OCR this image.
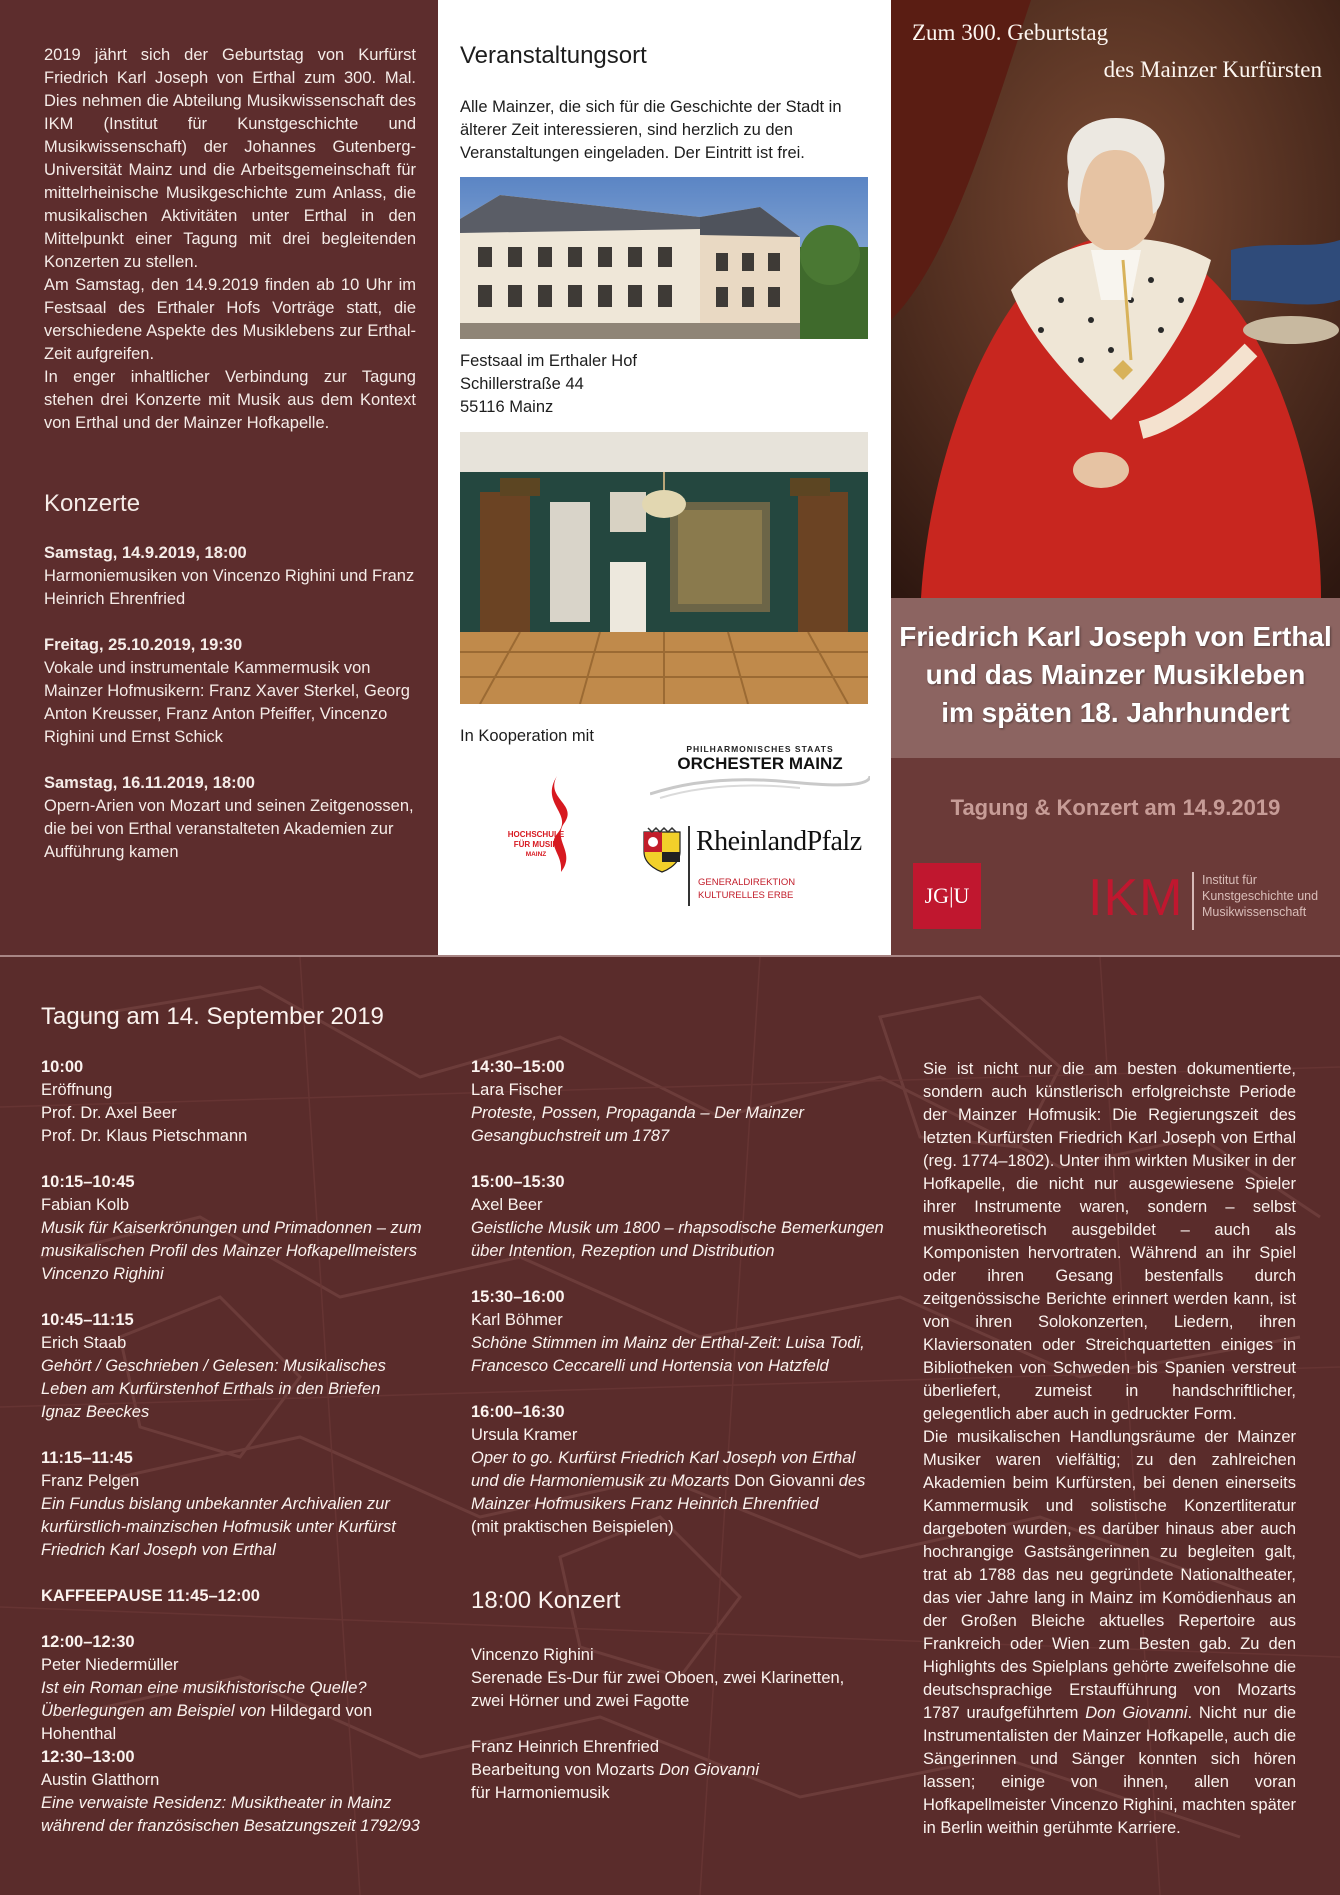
2019 jährt sich der Geburtstag von Kurfürst Friedrich Karl Joseph von Erthal zum 300. Mal. Dies nehmen die Abteilung Musikwissenschaft des IKM (Institut für Kunstgeschichte und Musikwissenschaft) der Johannes Gutenberg-Universität Mainz und die Arbeitsgemeinschaft für mittelrheinische Musikgeschichte zum Anlass, die musikalischen Aktivitäten unter Erthal in den Mittelpunkt einer Tagung mit drei begleitenden Konzerten zu stellen.
Am Samstag, den 14.9.2019 finden ab 10 Uhr im Festsaal des Erthaler Hofs Vorträge statt, die verschiedene Aspekte des Musiklebens zur Erthal-Zeit aufgreifen.
In enger inhaltlicher Verbindung zur Tagung stehen drei Konzerte mit Musik aus dem Kontext von Erthal und der Mainzer Hofkapelle.
Konzerte
Samstag, 14.9.2019, 18:00
Harmoniemusiken von Vincenzo Righini und Franz Heinrich Ehrenfried
Freitag, 25.10.2019, 19:30
Vokale und instrumentale Kammermusik von Mainzer Hofmusikern: Franz Xaver Sterkel, Georg Anton Kreusser, Franz Anton Pfeiffer, Vincenzo Righini und Ernst Schick
Samstag, 16.11.2019, 18:00
Opern-Arien von Mozart und seinen Zeitgenossen, die bei von Erthal veranstalteten Akademien zur Aufführung kamen
Veranstaltungsort
Alle Mainzer, die sich für die Geschichte der Stadt in älterer Zeit interessieren, sind herzlich zu den Veranstaltungen eingeladen. Der Eintritt ist frei.
Festsaal im Erthaler Hof
Schillerstraße 44
55116 Mainz
In Kooperation mit
PHILHARMONISCHES STAATS
ORCHESTER MAINZ
HOCHSCHULE
FÜR MUSIK
MAINZ	RheinlandPfalz
GENERALDIREKTION
KULTURELLES ERBE
Zum 300. Geburtstag
des Mainzer Kurfürsten
Friedrich Karl Joseph von Erthal
und das Mainzer Musikleben
im späten 18. Jahrhundert
Tagung & Konzert am 14.9.2019
JG|U IKM Institut für
Kunstgeschichte und
Musikwissenschaft
Tagung am 14. September 2019
10:00
Eröffnung
Prof. Dr. Axel Beer
Prof. Dr. Klaus Pietschmann
10:15–10:45
Fabian Kolb
Musik für Kaiserkrönungen und Primadonnen – zum musikalischen Profil des Mainzer Hofkapellmeisters Vincenzo Righini
10:45–11:15
Erich Staab
Gehört / Geschrieben / Gelesen: Musikalisches Leben am Kurfürstenhof Erthals in den Briefen Ignaz Beeckes
11:15–11:45
Franz Pelgen
Ein Fundus bislang unbekannter Archivalien zur kurfürstlich-mainzischen Hofmusik unter Kurfürst Friedrich Karl Joseph von Erthal
KAFFEEPAUSE 11:45–12:00
12:00–12:30
Peter Niedermüller
Ist ein Roman eine musikhistorische Quelle? Überlegungen am Beispiel von Hildegard von Hohenthal
12:30–13:00
Austin Glatthorn
Eine verwaiste Residenz: Musiktheater in Mainz während der französischen Besatzungszeit 1792/93
14:30–15:00
Lara Fischer
Proteste, Possen, Propaganda – Der Mainzer Gesangbuchstreit um 1787
15:00–15:30
Axel Beer
Geistliche Musik um 1800 – rhapsodische Bemerkungen über Intention, Rezeption und Distribution
15:30–16:00
Karl Böhmer
Schöne Stimmen im Mainz der Erthal-Zeit: Luisa Todi, Francesco Ceccarelli und Hortensia von Hatzfeld
16:00–16:30
Ursula Kramer
Oper to go. Kurfürst Friedrich Karl Joseph von Erthal und die Harmoniemusik zu Mozarts Don Giovanni des Mainzer Hofmusikers Franz Heinrich Ehrenfried
(mit praktischen Beispielen)
18:00 Konzert
Vincenzo Righini
Serenade Es-Dur für zwei Oboen, zwei Klarinetten, zwei Hörner und zwei Fagotte
Franz Heinrich Ehrenfried
Bearbeitung von Mozarts Don Giovanni
für Harmoniemusik
Sie ist nicht nur die am besten dokumentierte, sondern auch künstlerisch erfolgreichste Periode der Mainzer Hofmusik: Die Regierungszeit des letzten Kurfürsten Friedrich Karl Joseph von Erthal (reg. 1774–1802). Unter ihm wirkten Musiker in der Hofkapelle, die nicht nur ausgewiesene Spieler ihrer Instrumente waren, sondern – selbst musiktheoretisch ausgebildet – auch als Komponisten hervortraten. Während an ihr Spiel oder ihren Gesang bestenfalls durch zeitgenössische Berichte erinnert werden kann, ist von ihren Solokonzerten, Liedern, ihren Klaviersonaten oder Streichquartetten einiges in Bibliotheken von Schweden bis Spanien verstreut überliefert, zumeist in handschriftlicher, gelegentlich aber auch in gedruckter Form.
Die musikalischen Handlungsräume der Mainzer Musiker waren vielfältig; zu den zahlreichen Akademien beim Kurfürsten, bei denen einerseits Kammermusik und solistische Konzertliteratur dargeboten wurden, es darüber hinaus aber auch hochrangige Gastsängerinnen zu begleiten galt, trat ab 1788 das neu gegründete Nationaltheater, das vier Jahre lang in Mainz im Komödienhaus an der Großen Bleiche aktuelles Repertoire aus Frankreich oder Wien zum Besten gab. Zu den Highlights des Spielplans gehörte zweifelsohne die deutschsprachige Erstaufführung von Mozarts 1787 uraufgeführtem Don Giovanni. Nicht nur die Instrumentalisten der Mainzer Hofkapelle, auch die Sängerinnen und Sänger konnten sich hören lassen; einige von ihnen, allen voran Hofkapellmeister Vincenzo Righini, machten später in Berlin weithin gerühmte Karriere.
